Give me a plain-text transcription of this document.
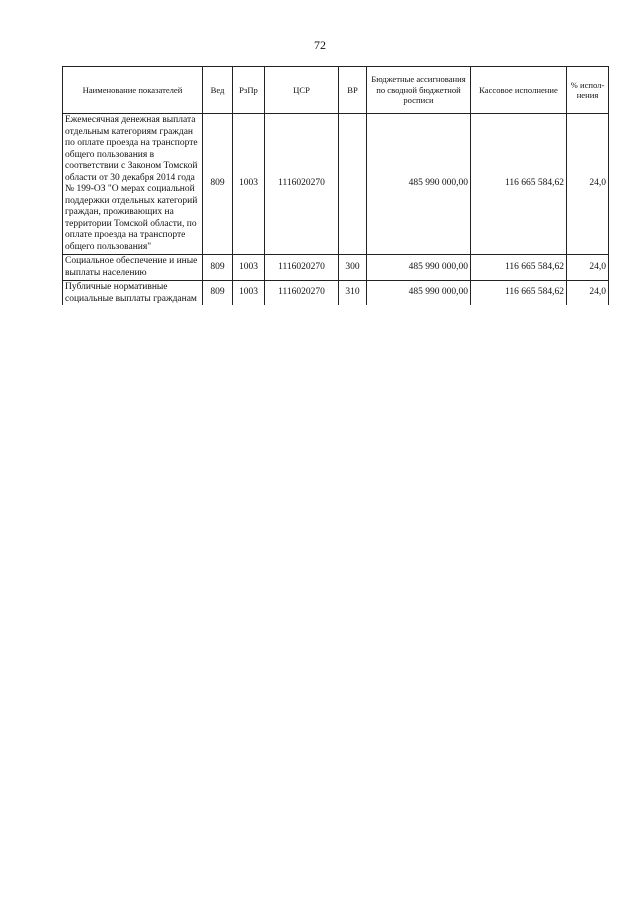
72
Наименование показателей	Вед	РзПр	ЦСР	ВР	Бюджетные ассигнования по сводной бюджетной росписи	Кассовое исполнение	% испол-нения
Ежемесячная денежная выплата отдельным категориям граждан по оплате проезда на транспорте общего пользования в соответствии с Законом Томской области от 30 декабря 2014 года № 199-ОЗ "О мерах социальной поддержки отдельных категорий граждан, проживающих на территории Томской области, по оплате проезда на транспорте общего пользования"	809	1003	1116020270		485 990 000,00	116 665 584,62	24,0
Социальное обеспечение и иные выплаты населению	809	1003	1116020270	300	485 990 000,00	116 665 584,62	24,0
Публичные нормативные социальные выплаты гражданам	809	1003	1116020270	310	485 990 000,00	116 665 584,62	24,0
